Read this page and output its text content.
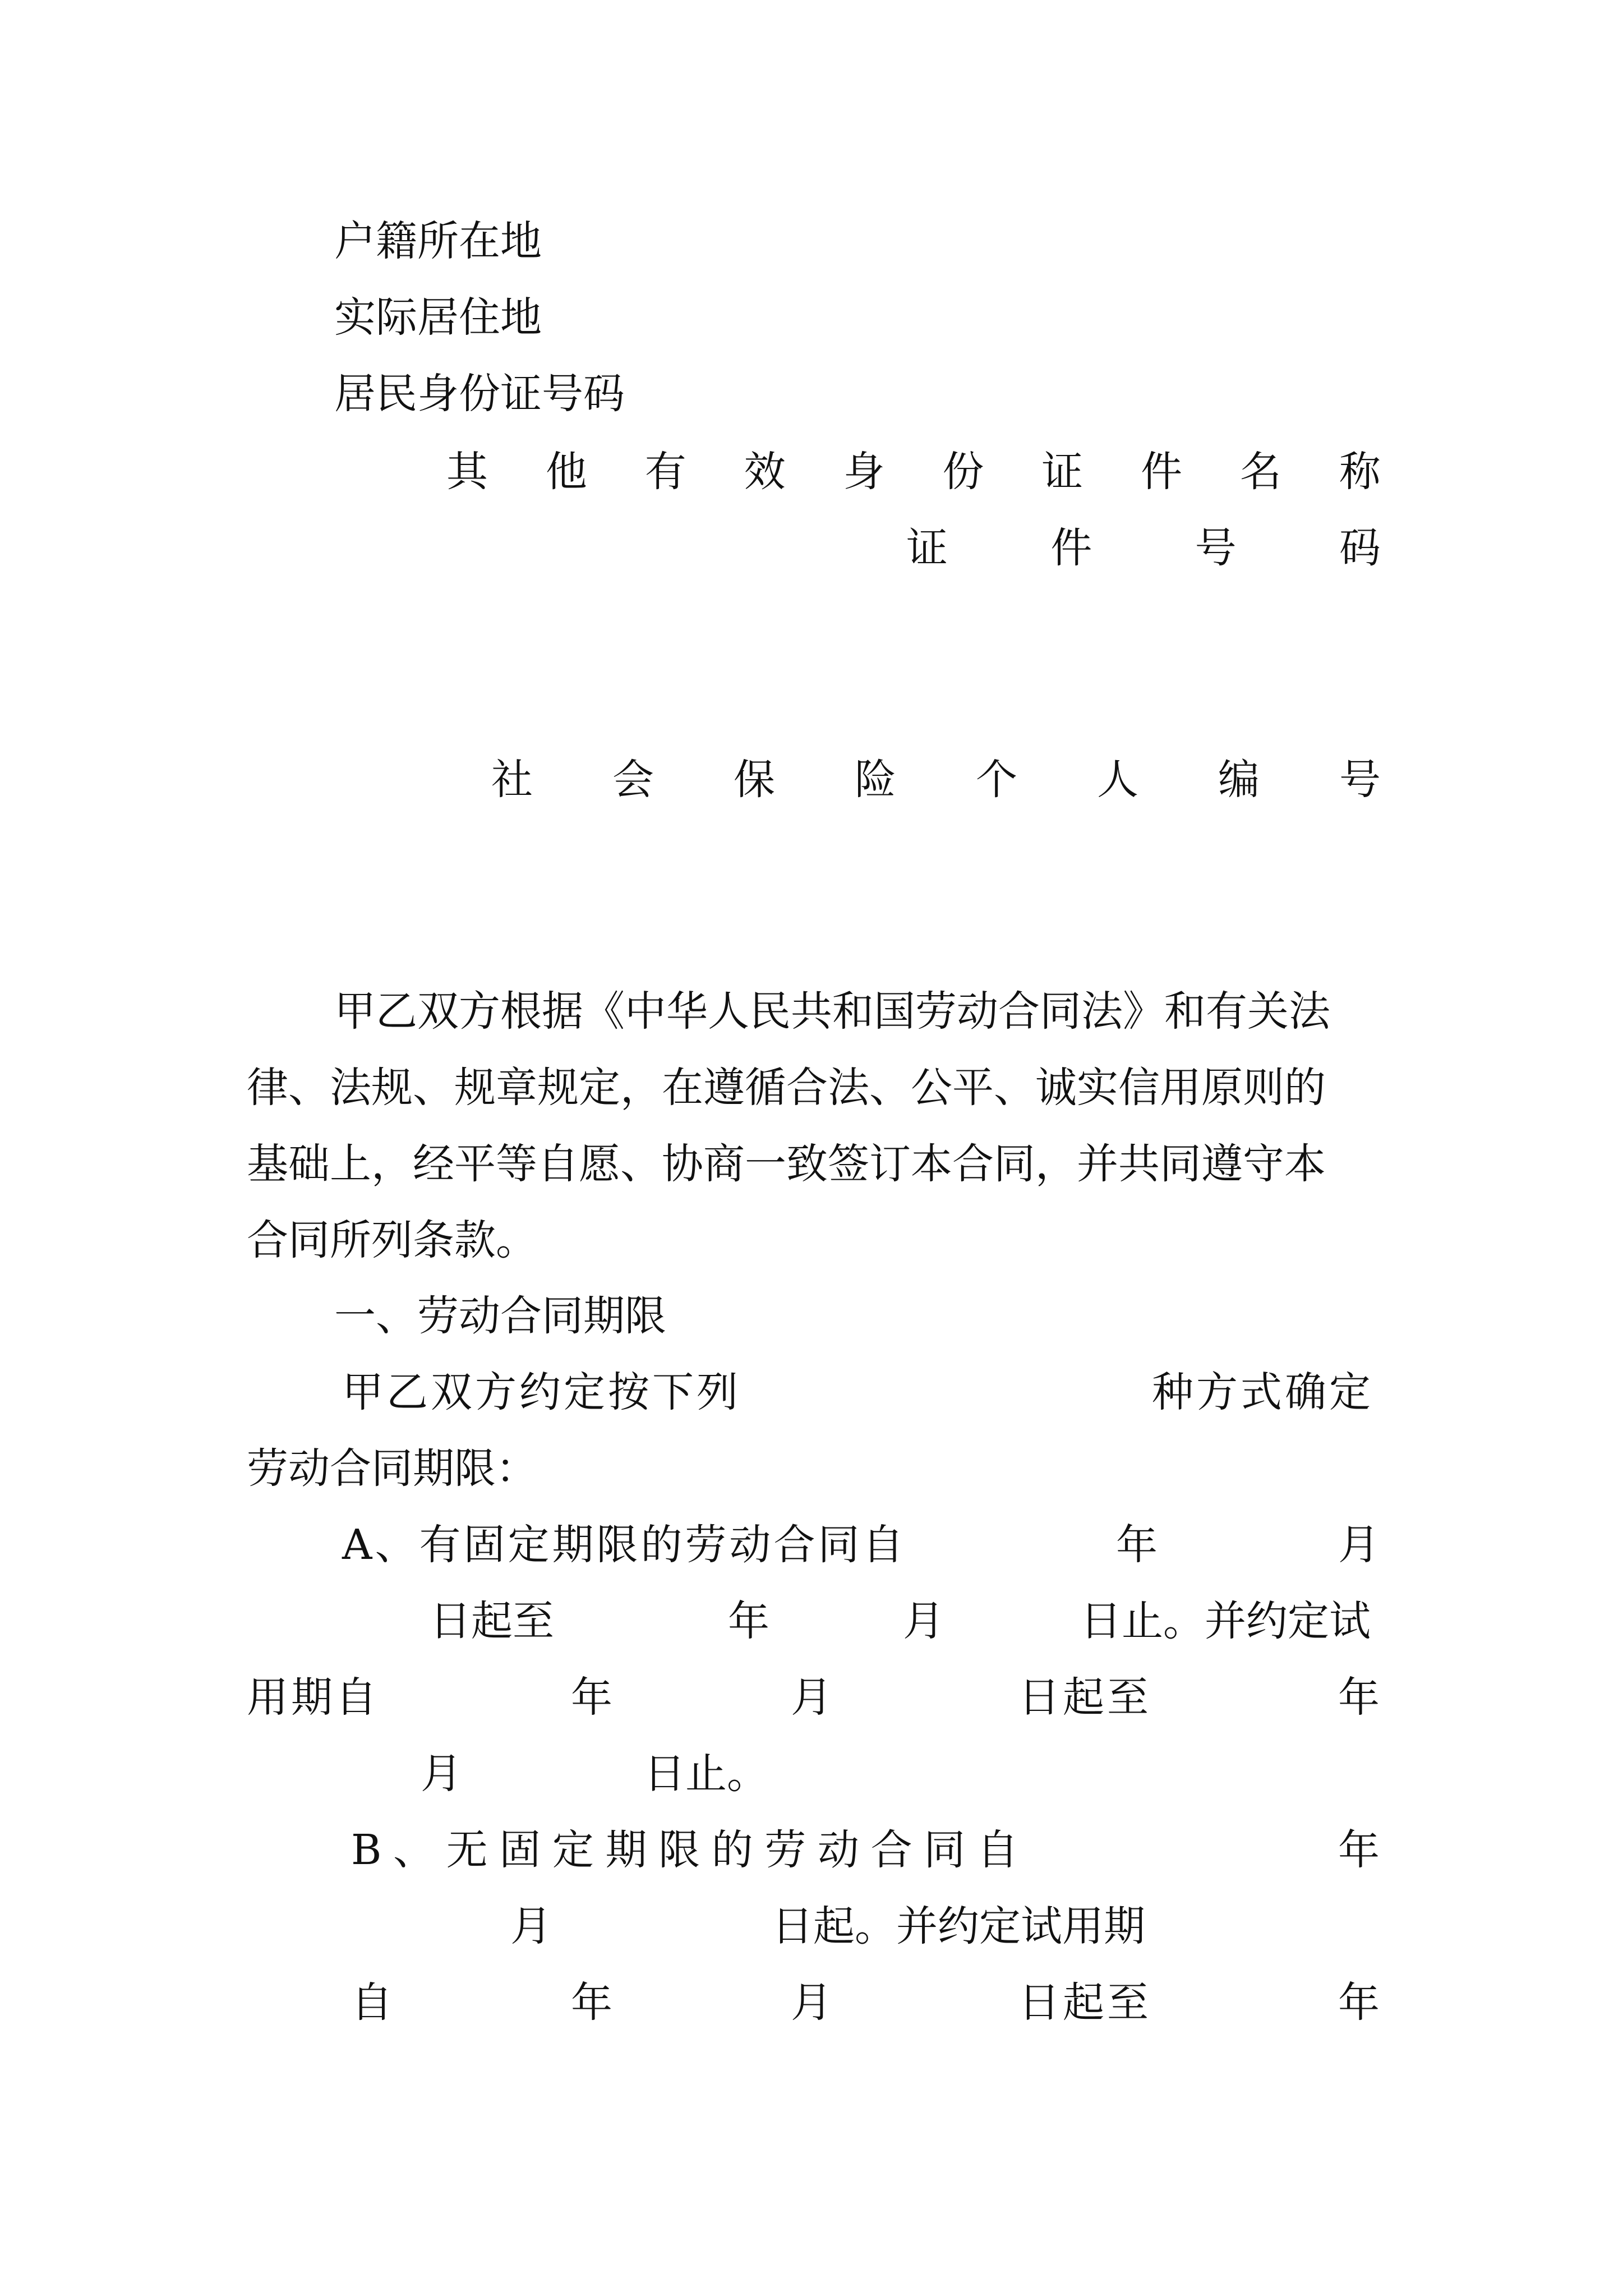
户籍所在地
实际居住地
居民身份证号码
其 他 有 效 身 份 证 件 名 称
证 件 号 码
社 会 保 险 个 人 编 号
甲乙双方根据《中华人民共和国劳动合同法》和有关法
律、法规、规章规定，在遵循合法、公平、诚实信用原则的
基础上，经平等自愿、协商一致签订本合同，并共同遵守本
合同所列条款。
一、劳动合同期限
甲乙双方约定按下列	种方式确定
劳动合同期限：
A、有固定期限的劳动合同自	年	月
日起至	年	月	日止。并约定试
用期自	年	月	日起至	年
月	日止。
B 、 无 固 定 期 限 的 劳 动 合 同 自	年
月	日起。并约定试用期
自	年	月	日起至	年
